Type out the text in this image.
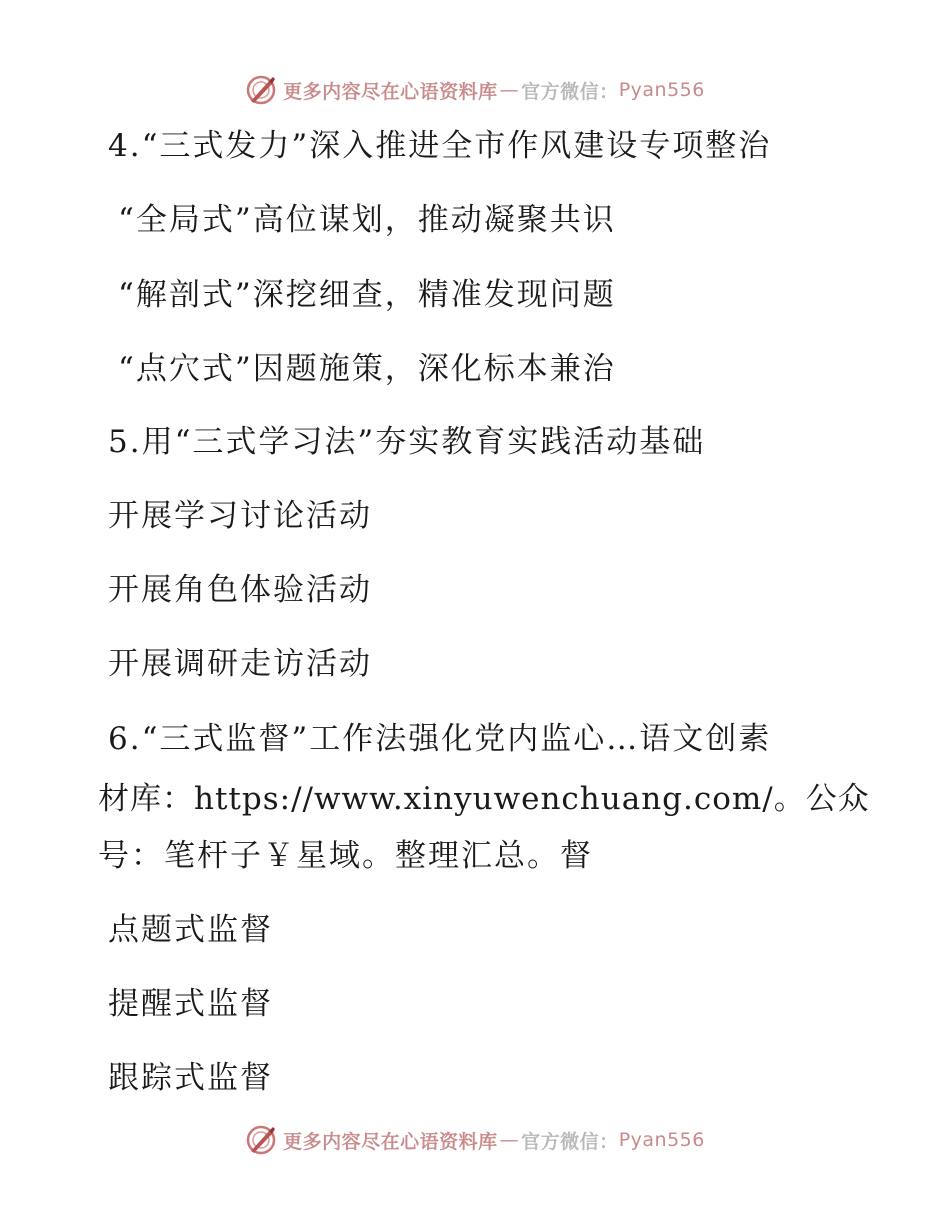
更多内容尽在心语资料库 — 官方微信： Pyan556
4.“三式发力”深入推进全市作风建设专项整治
“全局式”高位谋划，推动凝聚共识
“解剖式”深挖细查，精准发现问题
“点穴式”因题施策，深化标本兼治
5.用“三式学习法”夯实教育实践活动基础
开展学习讨论活动
开展角色体验活动
开展调研走访活动
6.“三式监督”工作法强化党内监心…语文创素
材库：https://www.xinyuwenchuang.com/。公众
号：笔杆子￥星域。整理汇总。督
点题式监督
提醒式监督
跟踪式监督
更多内容尽在心语资料库 — 官方微信： Pyan556
